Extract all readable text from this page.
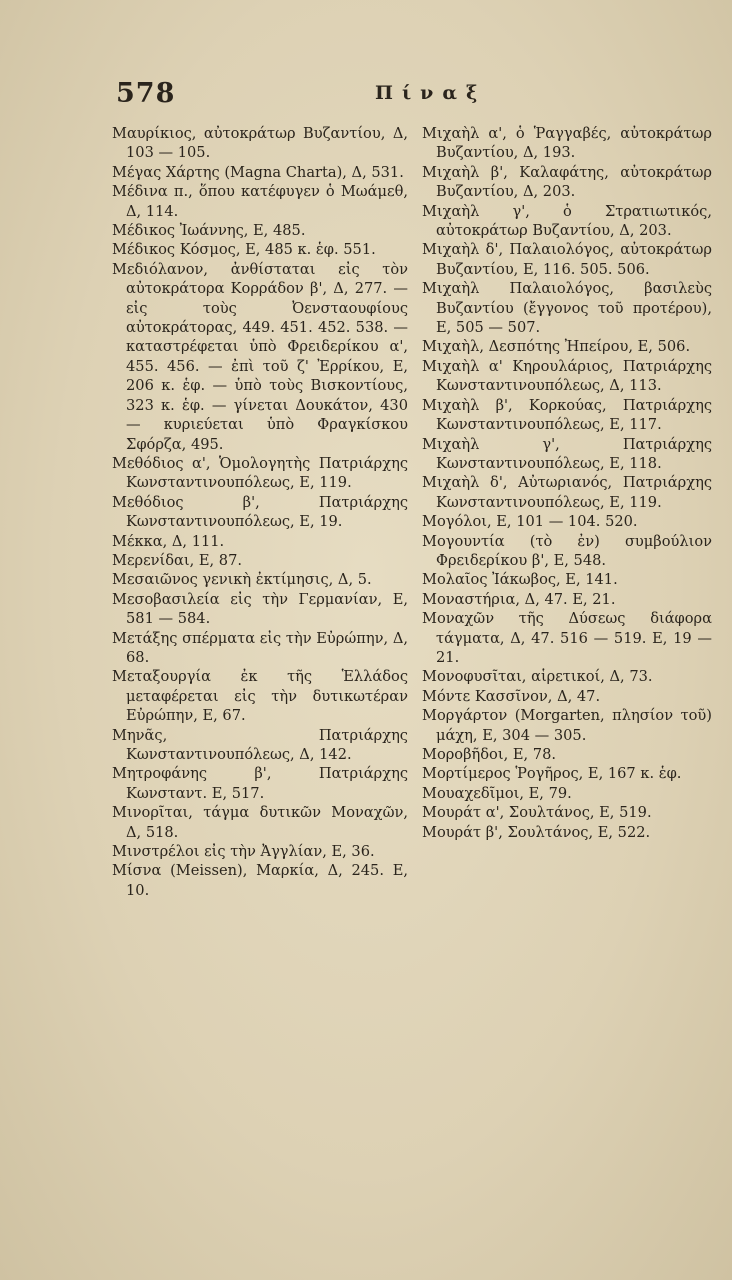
578	Πίναξ

Μαυρίκιος, αὐτοκράτωρ Βυζαντίου, Δ, 103 — 105.

Μέγας Χάρτης (Magna Charta), Δ, 531.

Μέδινα π., ὅπου κατέφυγεν ὁ Μωάμεθ, Δ, 114.

Μέδικος Ἰωάννης, Ε, 485.

Μέδικος Κόσμος, Ε, 485 κ. ἑφ. 551.

Μεδιόλανον, ἀνθίσταται εἰς τὸν αὐτοκράτορα Κορράδον β', Δ, 277. — εἰς τοὺς Ὀενσταουφίους αὐτοκράτορας, 449. 451. 452. 538. — καταστρέφεται ὑπὸ Φρειδερίκου α', 455. 456. — ἐπὶ τοῦ ζ' Ἐρρίκου, Ε, 206 κ. ἑφ. — ὑπὸ τοὺς Βισκοντίους, 323 κ. ἑφ. — γίνεται Δουκάτον, 430 — κυριεύεται ὑπὸ Φραγκίσκου Σφόρζα, 495.

Μεθόδιος α', Ὁμολογητὴς Πατριάρχης Κωνσταντινουπόλεως, Ε, 119.

Μεθόδιος β', Πατριάρχης Κωνσταντινουπόλεως, Ε, 19.

Μέκκα, Δ, 111.

Μερενίδαι, Ε, 87.

Μεσαιῶνος γενικὴ ἐκτίμησις, Δ, 5.

Μεσοβασιλεία εἰς τὴν Γερμανίαν, Ε, 581 — 584.

Μετάξης σπέρματα εἰς τὴν Εὐρώπην, Δ, 68.

Μεταξουργία ἐκ τῆς Ἑλλάδος μεταφέρεται εἰς τὴν δυτικωτέραν Εὐρώπην, Ε, 67.

Μηνᾶς, Πατριάρχης Κωνσταντινουπόλεως, Δ, 142.

Μητροφάνης β', Πατριάρχης Κωνσταντ. Ε, 517.

Μινορῖται, τάγμα δυτικῶν Μοναχῶν, Δ, 518.

Μινστρέλοι εἰς τὴν Ἀγγλίαν, Ε, 36.

Μίσνα (Meissen), Μαρκία, Δ, 245. Ε, 10.

Μιχαὴλ α', ὁ Ῥαγγαβές, αὐτοκράτωρ Βυζαντίου, Δ, 193.

Μιχαὴλ β', Καλαφάτης, αὐτοκράτωρ Βυζαντίου, Δ, 203.

Μιχαὴλ γ', ὁ Στρατιωτικός, αὐτοκράτωρ Βυζαντίου, Δ, 203.

Μιχαὴλ δ', Παλαιολόγος, αὐτοκράτωρ Βυζαντίου, Ε, 116. 505. 506.

Μιχαὴλ Παλαιολόγος, βασιλεὺς Βυζαντίου (ἔγγονος τοῦ προτέρου), Ε, 505 — 507.

Μιχαὴλ, Δεσπότης Ἠπείρου, Ε, 506.

Μιχαὴλ α' Κηρουλάριος, Πατριάρχης Κωνσταντινουπόλεως, Δ, 113.

Μιχαὴλ β', Κορκούας, Πατριάρχης Κωνσταντινουπόλεως, Ε, 117.

Μιχαὴλ γ', Πατριάρχης Κωνσταντινουπόλεως, Ε, 118.

Μιχαὴλ δ', Αὐτωριανός, Πατριάρχης Κωνσταντινουπόλεως, Ε, 119.

Μογόλοι, Ε, 101 — 104. 520.

Μογουντία (τὸ ἐν) συμβούλιον Φρειδερίκου β', Ε, 548.

Μολαῖος Ἰάκωβος, Ε, 141.

Μοναστήρια, Δ, 47. Ε, 21.

Μοναχῶν τῆς Δύσεως διάφορα τάγματα, Δ, 47. 516 — 519. Ε, 19 — 21.

Μονοφυσῖται, αἱρετικοί, Δ, 73.

Μόντε Κασσῖνον, Δ, 47.

Μοργάρτον (Morgarten, πλησίον τοῦ) μάχη, Ε, 304 — 305.

Μοροβῆδοι, Ε, 78.

Μορτίμερος Ῥογῆρος, Ε, 167 κ. ἑφ.

Μουαχεδῖμοι, Ε, 79.

Μουράτ α', Σουλτάνος, Ε, 519.

Μουράτ β', Σουλτάνος, Ε, 522.
